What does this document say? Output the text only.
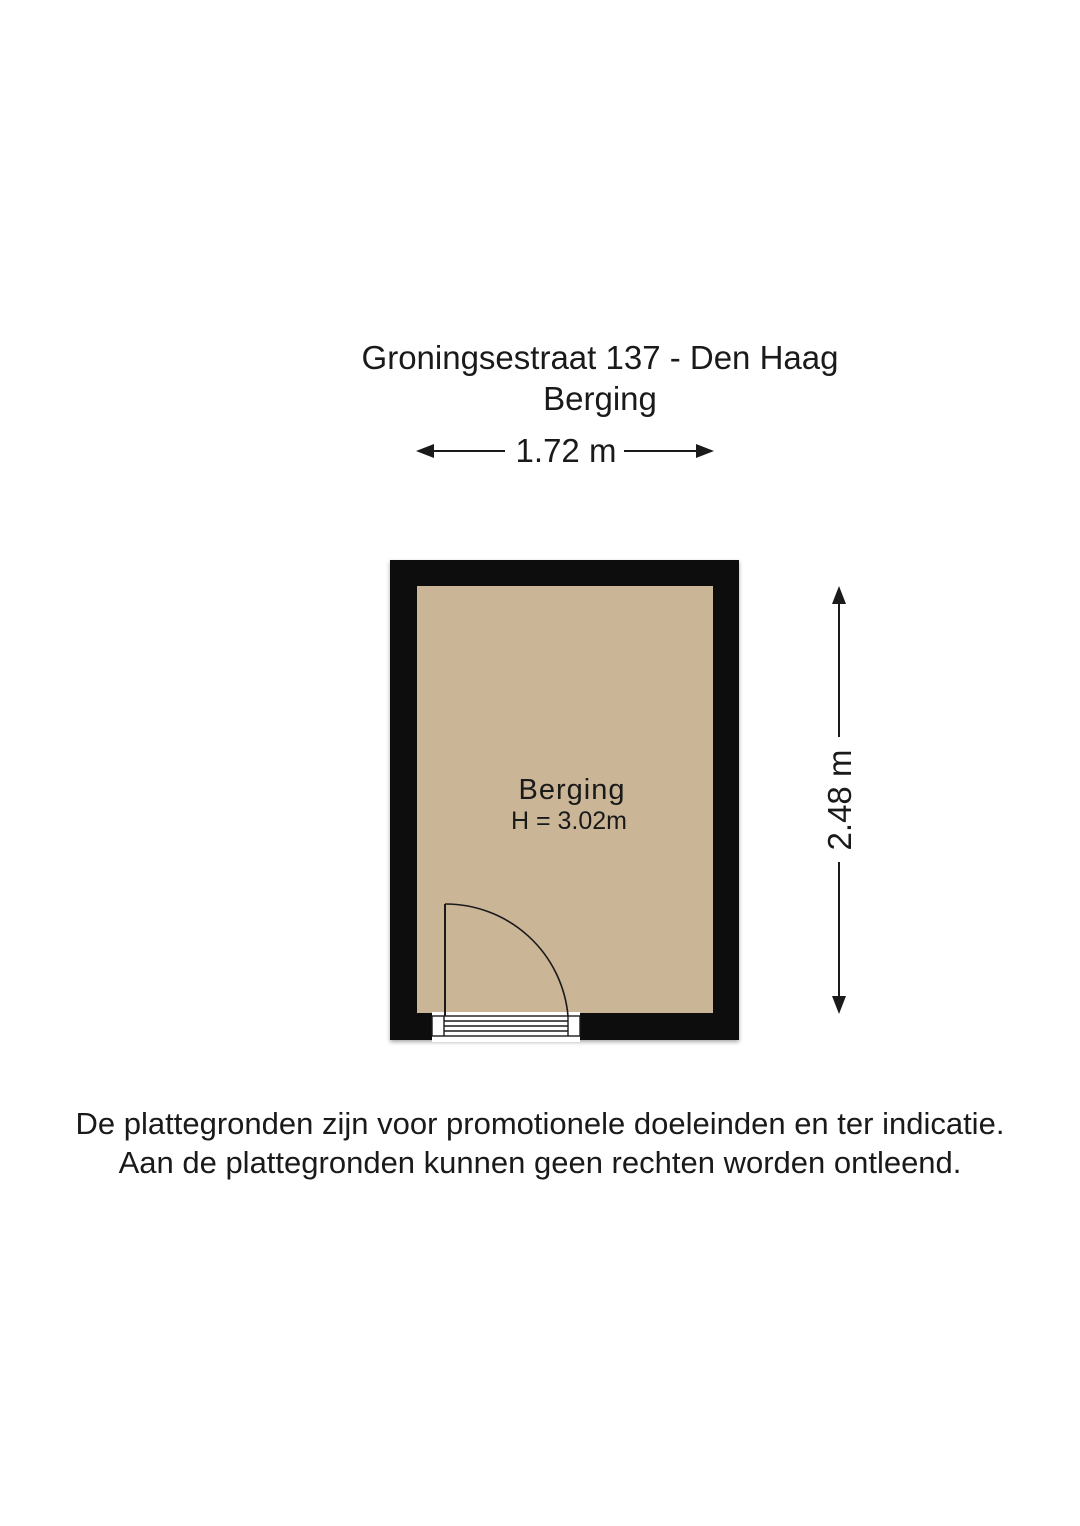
Groningsestraat 137 - Den Haag
Berging
1.72 m
Berging
H = 3.02m	2.48 m
De plattegronden zijn voor promotionele doeleinden en ter indicatie.
Aan de plattegronden kunnen geen rechten worden ontleend.
